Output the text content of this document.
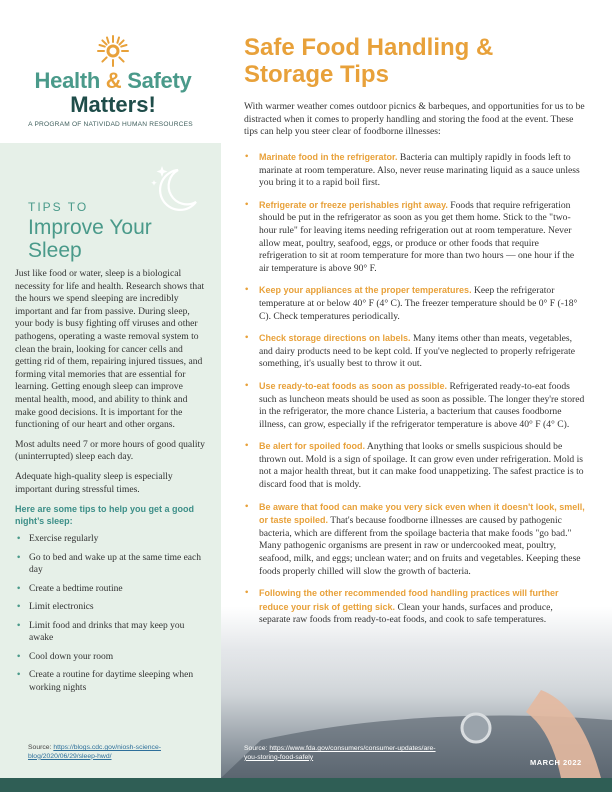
Health & Safety
Matters!
A PROGRAM OF NATIVIDAD HUMAN RESOURCES
TIPS TO
Improve Your Sleep

Just like food or water, sleep is a biological necessity for life and health. Research shows that the hours we spend sleeping are incredibly important and far from passive. During sleep, your body is busy fighting off viruses and other pathogens, operating a waste removal system to clean the brain, looking for cancer cells and getting rid of them, repairing injured tissues, and forming vital memories that are essential for learning. Getting enough sleep can improve mental health, mood, and ability to think and make good decisions. It is important for the functioning of our heart and other organs.

Most adults need 7 or more hours of good quality (uninterrupted) sleep each day.

Adequate high-quality sleep is especially important during stressful times.

Here are some tips to help you get a good night’s sleep:
• Exercise regularly
• Go to bed and wake up at the same time each day
• Create a bedtime routine
• Limit electronics
• Limit food and drinks that may keep you awake
• Cool down your room
• Create a routine for daytime sleeping when working nights
Source: https://blogs.cdc.gov/niosh-science-blog/2020/06/29/sleep-hwd/
Safe Food Handling & Storage Tips
With warmer weather comes outdoor picnics & barbeques, and opportunities for us to be distracted when it comes to properly handling and storing the food at the event. These tips can help you steer clear of foodborne illnesses:
• Marinate food in the refrigerator. Bacteria can multiply rapidly in foods left to marinate at room temperature. Also, never reuse marinating liquid as a sauce unless you bring it to a rapid boil first.
• Refrigerate or freeze perishables right away. Foods that require refrigeration should be put in the refrigerator as soon as you get them home. Stick to the "two-hour rule" for leaving items needing refrigeration out at room temperature. Never allow meat, poultry, seafood, eggs, or produce or other foods that require refrigeration to sit at room temperature for more than two hours — one hour if the air temperature is above 90° F.
• Keep your appliances at the proper temperatures. Keep the refrigerator temperature at or below 40° F (4° C). The freezer temperature should be 0° F (-18° C). Check temperatures periodically.
• Check storage directions on labels. Many items other than meats, vegetables, and dairy products need to be kept cold. If you've neglected to properly refrigerate something, it's usually best to throw it out.
• Use ready-to-eat foods as soon as possible. Refrigerated ready-to-eat foods such as luncheon meats should be used as soon as possible. The longer they're stored in the refrigerator, the more chance Listeria, a bacterium that causes foodborne illness, can grow, especially if the refrigerator temperature is above 40° F (4° C).
• Be alert for spoiled food. Anything that looks or smells suspicious should be thrown out. Mold is a sign of spoilage. It can grow even under refrigeration. Mold is not a major health threat, but it can make food unappetizing. The safest practice is to discard food that is moldy.
• Be aware that food can make you very sick even when it doesn't look, smell, or taste spoiled. That's because foodborne illnesses are caused by pathogenic bacteria, which are different from the spoilage bacteria that make foods "go bad." Many pathogenic organisms are present in raw or undercooked meat, poultry, seafood, milk, and eggs; unclean water; and on fruits and vegetables. Keeping these foods properly chilled will slow the growth of bacteria.
• Following the other recommended food handling practices will further reduce your risk of getting sick. Clean your hands, surfaces and produce, separate raw foods from ready-to-eat foods, and cook to safe temperatures.
Source: https://www.fda.gov/consumers/consumer-updates/are-you-storing-food-safely
MARCH 2022
